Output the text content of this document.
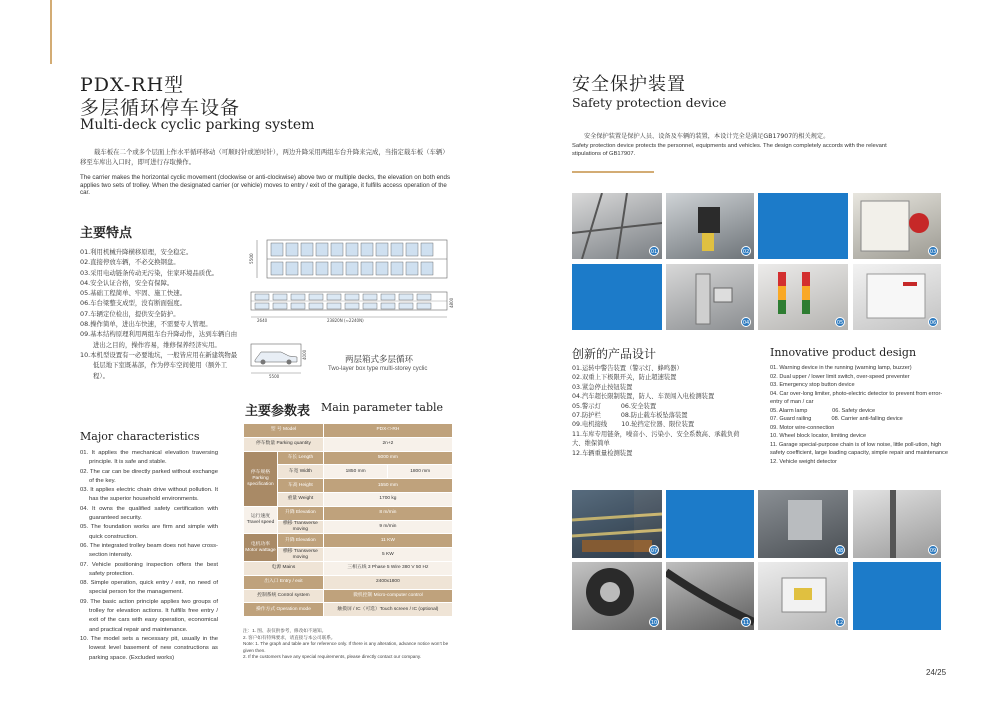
PDX-RH型
多层循环停车设备
Multi-deck cyclic parking system
载车板在二个或多个层面上作水平循环移动（可顺时针或逆时针），两边升降采用两组车台升降来完成，当指定载车板（车辆）移至车库出入口时，即可进行存取操作。
The carrier makes the horizontal cyclic movement (clockwise or anti-clockwise) above two or multiple decks, the elevation on both ends applies two sets of trolley. When the designated carrier (or vehicle) moves to entry / exit of the garage, it fulfills access operation of the car.
主要特点
01.利用机械升降横移原理，安全稳定。
02.直接停放车辆，不必交换钢盘。
03.采用电动链条传动无污染，住家环境品质优。
04.安全认证合格，安全有保障。
05.基础工程简单、牢固、施工快速。
06.车台梁整支成型，没有断面强度。
07.车辆定位检出，提供安全防护。
08.操作简单，进出车快速，不需要专人管理。
09.基本结构原理利用两组车台升降动作，达到车辆自由进出之目的，操作容易，维修保养经济实用。
10.本机型设置有一必要地坑，一般皆应用在新建筑物最低层地下室既基部，作为停车空间使用（额外工程）。
Major characteristics
01. It applies the mechanical elevation traversing principle. It is safe and stable.
02. The car can be directly parked without exchange of the key.
03. It applies electric chain drive without pollution. It has the superior household environments.
04. It owns the qualified safety certification with guaranteed security.
05. The foundation works are firm and simple with quick construction.
06. The integrated trolley beam does not have cross-section intensity.
07. Vehicle positioning inspection offers the best safety protection.
08. Simple operation, quick entry / exit, no need of special person for the management.
09. The basic action principle applies two groups of trolley for elevation actions. It fulfills free entry / exit of the cars with easy operation, economical and practical repair and maintenance.
10. The model sets a necessary pit, usually in the lowest level basement of new constructions as parking space. (Excluded works)
5500
2640	23820N (≈2240N)
4800
5500
4000	两层箱式多层循环
Two-layer box type multi-storey cyclic
主要参数表 Main parameter table
型 号 Model		PDX-□-RH	
停车数量 Parking quantity		2n+2	
停车规格 Parking specification	车长 Length	5000 mm	
	车宽 Width	1850 mm	1800 mm
	车高 Height	1550 mm	
	重量 Weight	1700 kg	
运行速度 Travel speed	升降 Elevation	8 m/min	
	横移 Transverse moving	9 m/min	
电机功率 Motor wattage	升降 Elevation	11 KW	
	横移 Transverse moving	5 KW	
电源 Mains		三相五线 3 Phase 5 Wire 380 V 50 Hz	
出入口 Entry / exit		2400x1800	
控制系统 Control system		微机控制 Micro-computer control	
操作方式 Operation mode		触摸屏 / IC（可选）Touch screen / IC (optional)	
注：1. 图、表仅供参考，修改如不通知。
2. 客户如有特殊要求，请直接与本公司联系。
Note: 1. The graph and table are for reference only. If there is any alteration, advance notice won’t be given then.
2. If the customers have any special requirements, please directly contact our company.
安全保护装置
Safety protection device
安全保护装置是保护人员、设备及车辆的装置，本设计完全是满足GB17907的相关规定。
Safety protection device protects the personnel, equipments and vehicles. The design completely accords with the relevant stipulations of GB17907.
01	02	03
04	05	06
创新的产品设计
01.运转中警告装置（警示灯、蜂鸣器）
02.双重上下极限开关，防止超速装置
03.紧急停止按钮装置
04.汽车超长限制装置，防人、车误闯入电检测装置
05.警示灯          06.安全装置
07.防护栏          08.防止载车板坠落装置
09.电机接线       10.轮挡定位器、限位装置
11.车库专用链条，噪音小、污染小、安全系数高、承载负荷大、维保简单
12.车辆重量检测装置
Innovative product design
01. Warning device in the running (warning lamp, buzzer)
02. Dual upper / lower limit switch, over-speed preventer
03. Emergency stop button device
04. Car over-long limiter, photo-electric detector to prevent from error-entry of man / car
05. Alarm lamp                06. Safety device
07. Guard railing             08. Carrier anti-falling device
09. Motor wire-connection
10. Wheel block locator, limiting device
11. Garage special-purpose chain is of low noise, little poll-ution, high safety coefficient, large loading capacity, simple repair and maintenance
12. Vehicle weight detector
07	08	09
10	11	12
24/25
